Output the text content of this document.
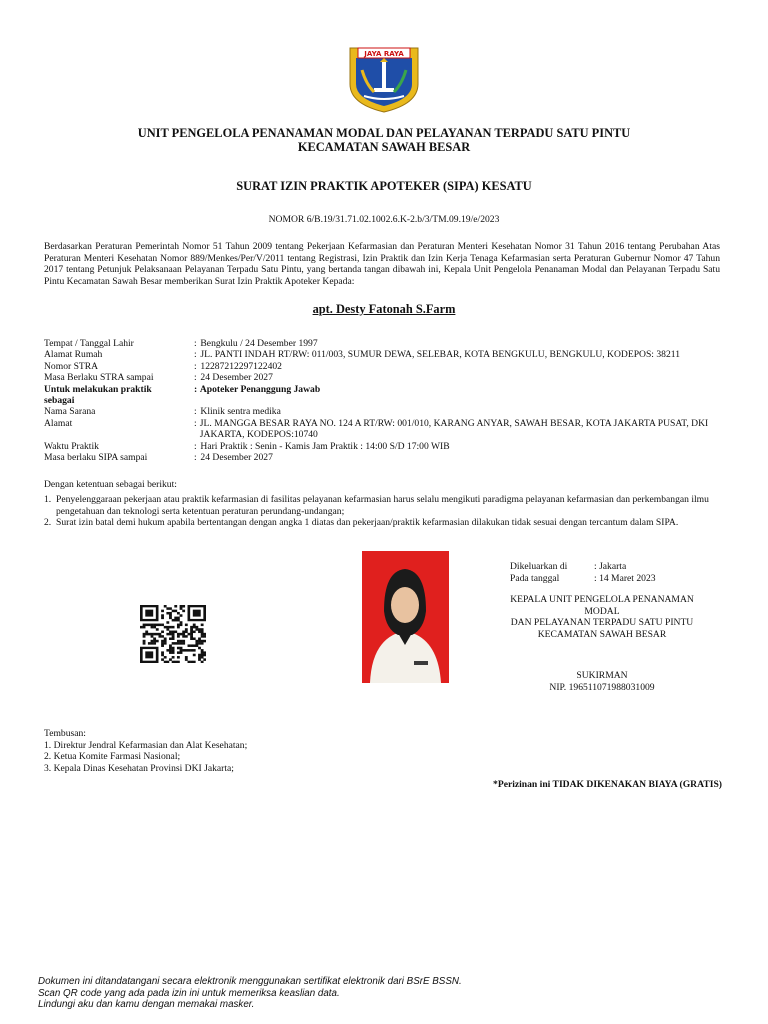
JAYA RAYA
UNIT PENGELOLA PENANAMAN MODAL DAN PELAYANAN TERPADU SATU PINTU
KECAMATAN SAWAH BESAR
SURAT IZIN PRAKTIK APOTEKER (SIPA) KESATU
NOMOR 6/B.19/31.71.02.1002.6.K-2.b/3/TM.09.19/e/2023
Berdasarkan Peraturan Pemerintah Nomor 51 Tahun 2009 tentang Pekerjaan Kefarmasian dan Peraturan Menteri Kesehatan Nomor 31 Tahun 2016 tentang Perubahan Atas Peraturan Menteri Kesehatan Nomor 889/Menkes/Per/V/2011 tentang Registrasi, Izin Praktik dan Izin Kerja Tenaga Kefarmasian serta Peraturan Gubernur Nomor 47 Tahun 2017 tentang Petunjuk Pelaksanaan Pelayanan Terpadu Satu Pintu, yang bertanda tangan dibawah ini, Kepala Unit Pengelola Penanaman Modal dan Pelayanan Terpadu Satu Pintu Kecamatan Sawah Besar memberikan Surat Izin Praktik Apoteker Kepada:
apt. Desty Fatonah S.Farm
Tempat / Tanggal Lahir	: Bengkulu / 24 Desember 1997
Alamat Rumah	:
JL. PANTI INDAH RT/RW: 011/003, SUMUR DEWA, SELEBAR, KOTA BENGKULU, BENGKULU, KODEPOS: 38211
Nomor STRA	: 12287212297122402
Masa Berlaku STRA sampai	: 24 Desember 2027
Untuk melakukan praktik sebagai
: Apoteker Penanggung Jawab
Nama Sarana	: Klinik sentra medika
Alamat	:
JL. MANGGA BESAR RAYA NO. 124 A RT/RW: 001/010, KARANG ANYAR, SAWAH BESAR, KOTA JAKARTA PUSAT, DKI JAKARTA, KODEPOS:10740
Waktu Praktik	: Hari Praktik : Senin - Kamis Jam Praktik : 14:00 S/D 17:00 WIB
Masa berlaku SIPA sampai	: 24 Desember 2027
Dengan ketentuan sebagai berikut:
1. Penyelenggaraan pekerjaan atau praktik kefarmasian di fasilitas pelayanan kefarmasian harus selalu mengikuti paradigma pelayanan kefarmasian dan perkembangan ilmu pengetahuan dan teknologi serta ketentuan peraturan perundang-undangan;
2. Surat izin batal demi hukum apabila bertentangan dengan angka 1 diatas dan pekerjaan/praktik kefarmasian dilakukan tidak sesuai dengan tercantum dalam SIPA.
Dikeluarkan di	: Jakarta
Pada tanggal	: 14 Maret 2023
KEPALA UNIT PENGELOLA PENANAMAN
MODAL
DAN PELAYANAN TERPADU SATU PINTU
KECAMATAN SAWAH BESAR
SUKIRMAN
NIP. 196511071988031009
Tembusan:
1. Direktur Jendral Kefarmasian dan Alat Kesehatan;
2. Ketua Komite Farmasi Nasional;
3. Kepala Dinas Kesehatan Provinsi DKI Jakarta;
*Perizinan ini TIDAK DIKENAKAN BIAYA (GRATIS)
Dokumen ini ditandatangani secara elektronik menggunakan sertifikat elektronik dari BSrE BSSN.
Scan QR code yang ada pada izin ini untuk memeriksa keaslian data.
Lindungi aku dan kamu dengan memakai masker.
